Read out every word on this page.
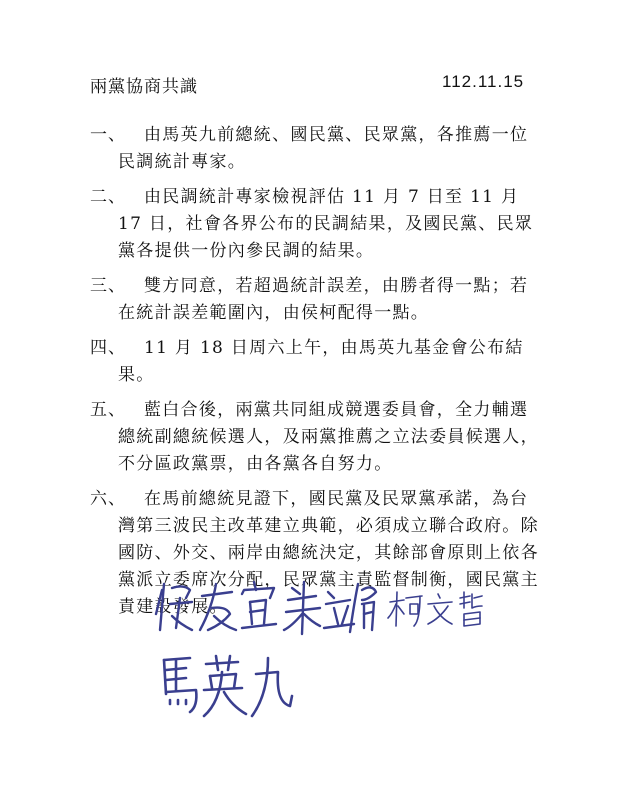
兩黨協商共識	112.11.15
一、	由馬英九前總統、國民黨、民眾黨，各推薦一位民調統計專家。

二、	由民調統計專家檢視評估 11 月 7 日至 11 月 17 日，社會各界公布的民調結果，及國民黨、民眾黨各提供一份內參民調的結果。

三、	雙方同意，若超過統計誤差，由勝者得一點；若在統計誤差範圍內，由侯柯配得一點。

四、	11 月 18 日周六上午，由馬英九基金會公布結果。

五、	藍白合後，兩黨共同組成競選委員會，全力輔選總統副總統候選人，及兩黨推薦之立法委員候選人，不分區政黨票，由各黨各自努力。

六、	在馬前總統見證下，國民黨及民眾黨承諾，為台灣第三波民主改革建立典範，必須成立聯合政府。除國防、外交、兩岸由總統決定，其餘部會原則上依各黨派立委席次分配，民眾黨主責監督制衡，國民黨主責建設發展。
